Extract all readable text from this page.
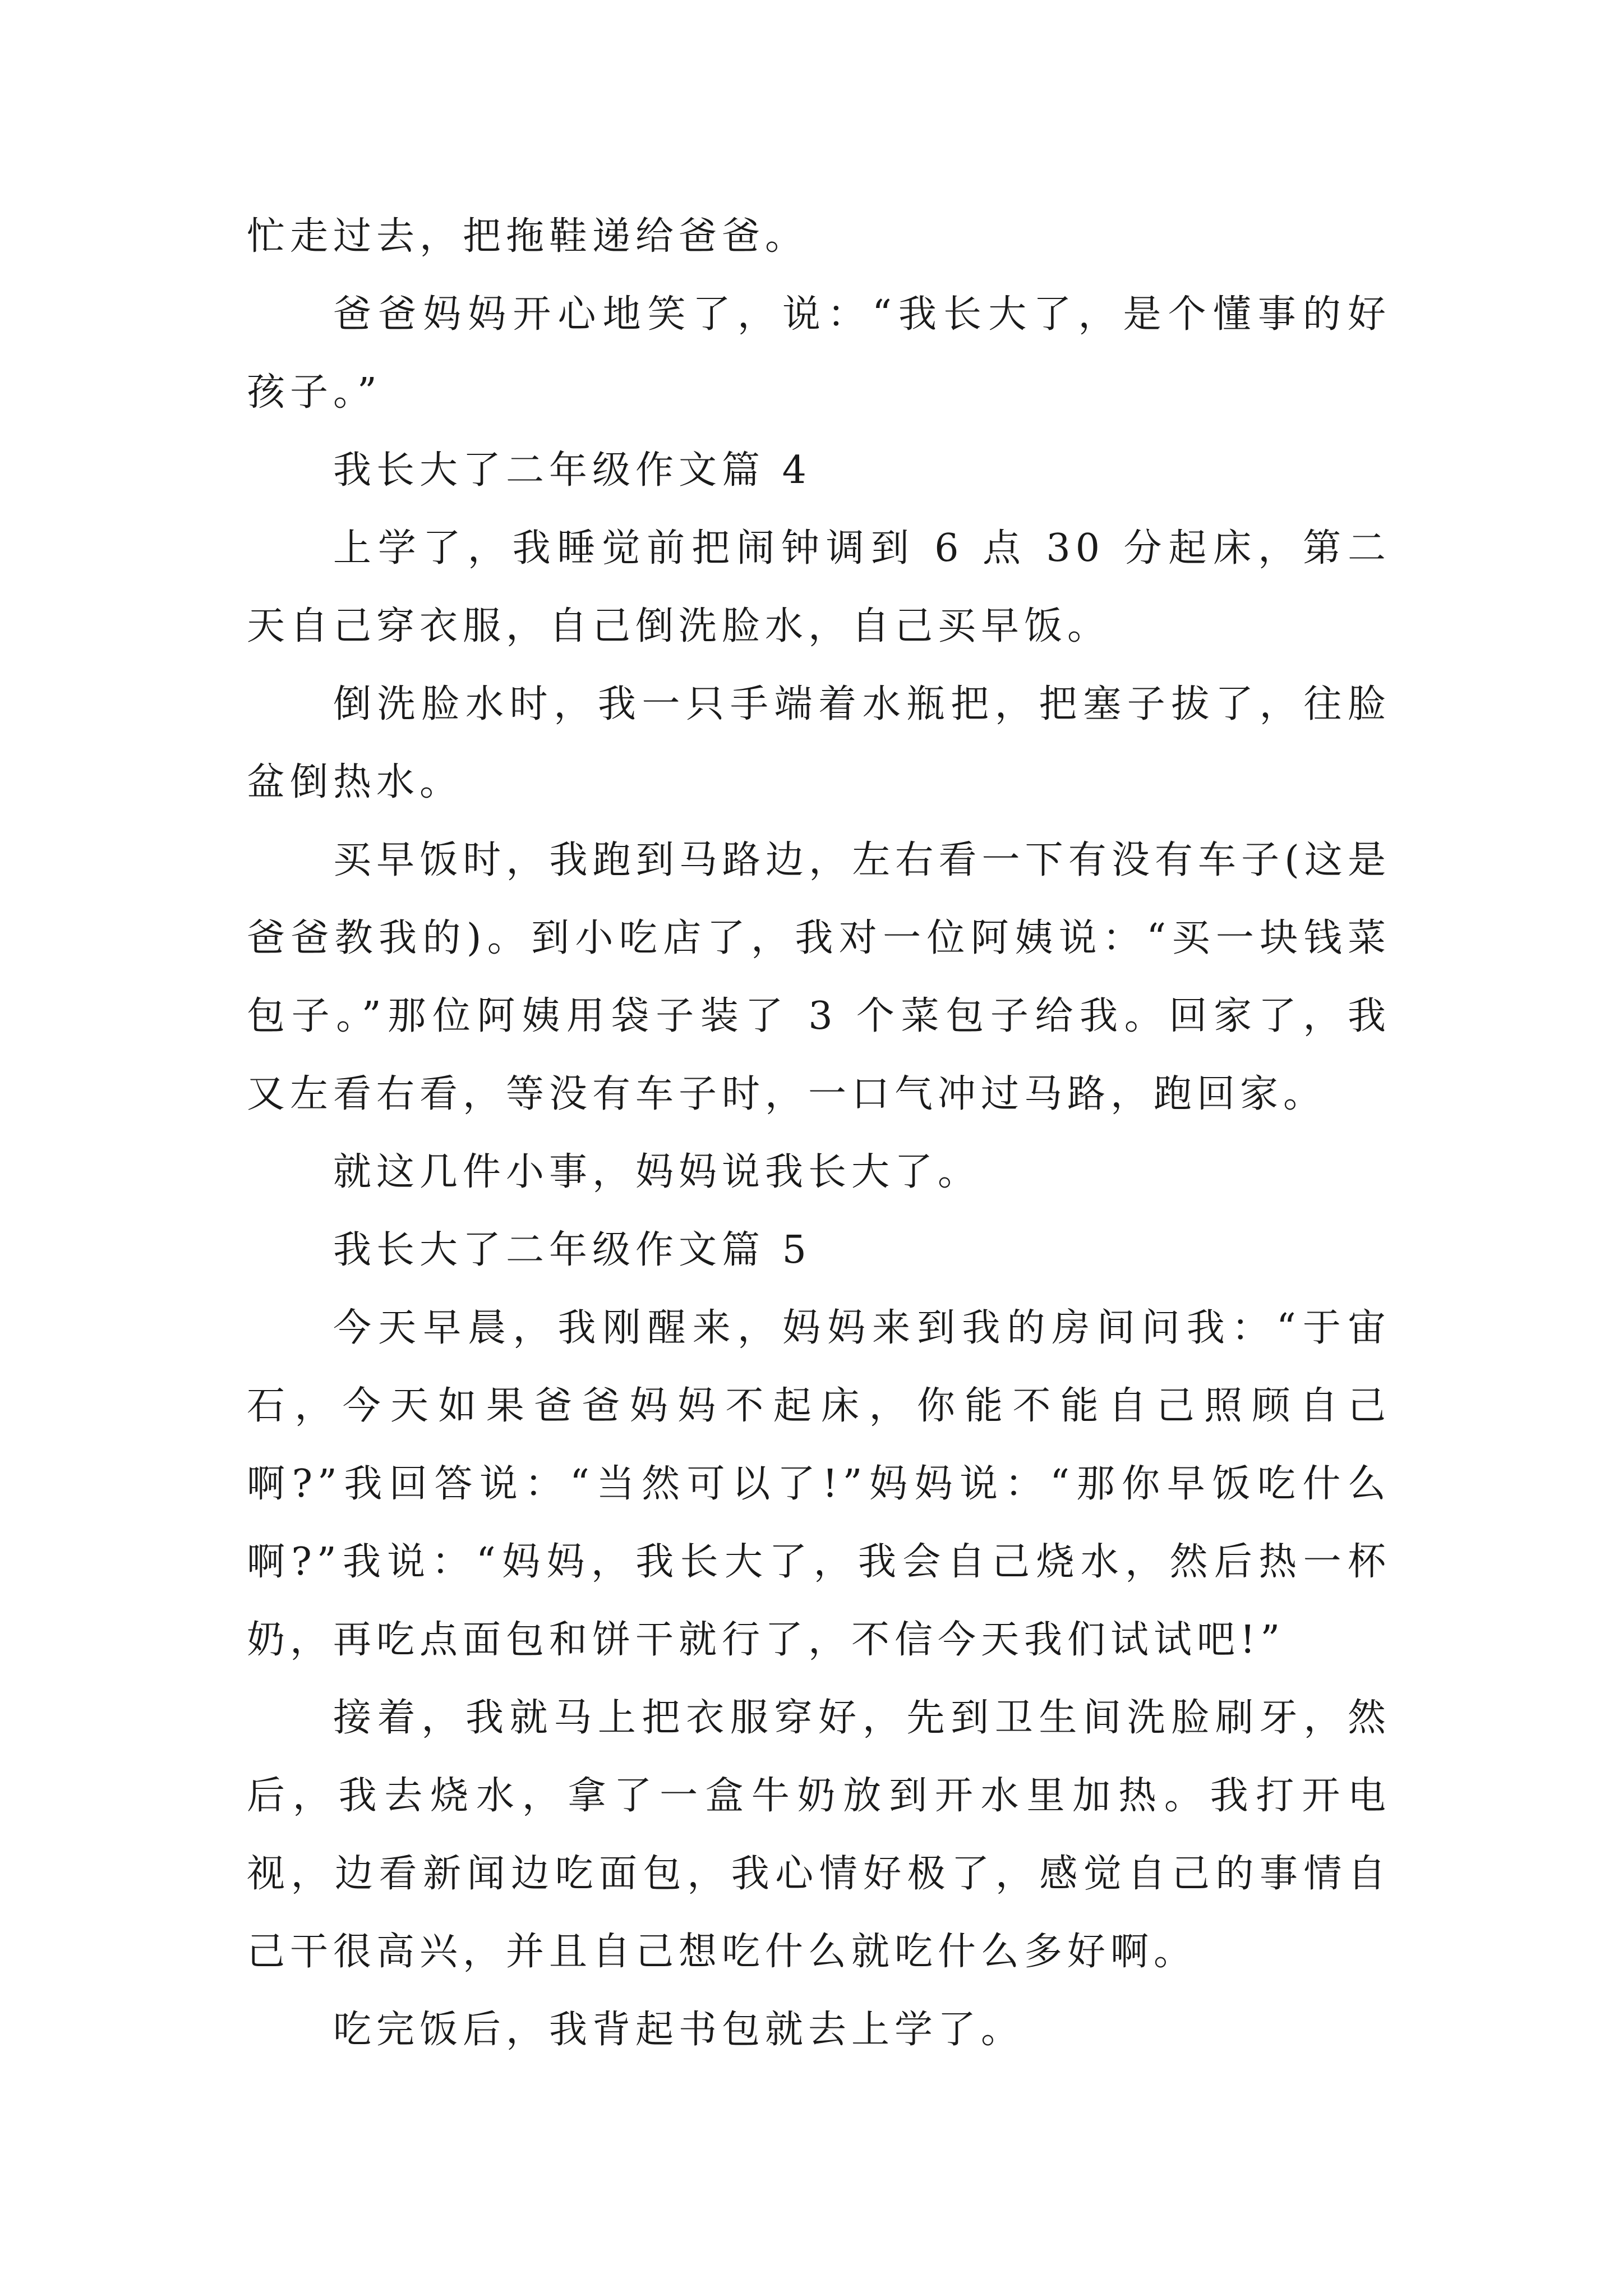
忙走过去，把拖鞋递给爸爸。

爸爸妈妈开心地笑了，说：“我长大了，是个懂事的好孩子。”

我长大了二年级作文篇 4

上学了，我睡觉前把闹钟调到 6 点 30 分起床，第二天自己穿衣服，自己倒洗脸水，自己买早饭。

倒洗脸水时，我一只手端着水瓶把，把塞子拔了，往脸盆倒热水。

买早饭时，我跑到马路边，左右看一下有没有车子(这是爸爸教我的)。到小吃店了，我对一位阿姨说：“买一块钱菜包子。”那位阿姨用袋子装了 3 个菜包子给我。回家了，我又左看右看，等没有车子时，一口气冲过马路，跑回家。

就这几件小事，妈妈说我长大了。

我长大了二年级作文篇 5

今天早晨，我刚醒来，妈妈来到我的房间问我：“于宙石，今天如果爸爸妈妈不起床，你能不能自己照顾自己啊?”我回答说：“当然可以了!”妈妈说：“那你早饭吃什么啊?”我说：“妈妈，我长大了，我会自己烧水，然后热一杯奶，再吃点面包和饼干就行了，不信今天我们试试吧!”

接着，我就马上把衣服穿好，先到卫生间洗脸刷牙，然后，我去烧水，拿了一盒牛奶放到开水里加热。我打开电视，边看新闻边吃面包，我心情好极了，感觉自己的事情自己干很高兴，并且自己想吃什么就吃什么多好啊。

吃完饭后，我背起书包就去上学了。
